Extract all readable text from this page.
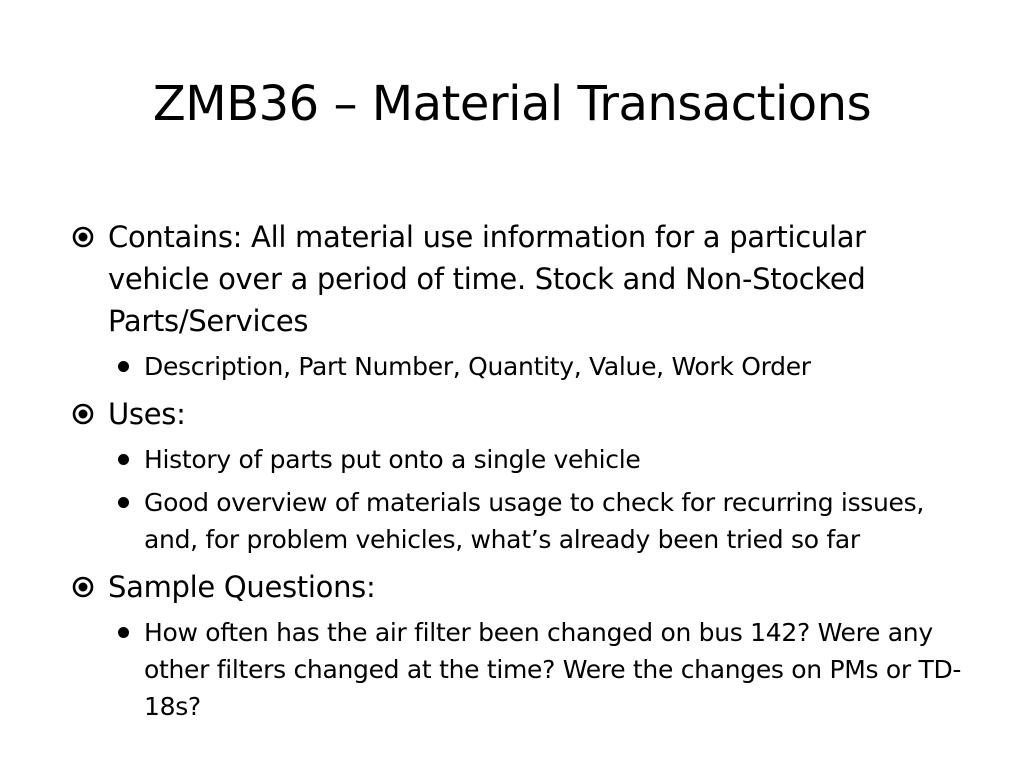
ZMB36 – Material Transactions

Contains: All material use information for a particular vehicle over a period of time. Stock and Non-Stocked Parts/Services

Description, Part Number, Quantity, Value, Work Order

Uses:

History of parts put onto a single vehicle

Good overview of materials usage to check for recurring issues, and, for problem vehicles, what’s already been tried so far

Sample Questions:

How often has the air filter been changed on bus 142? Were any other filters changed at the time? Were the changes on PMs or TD-18s?
